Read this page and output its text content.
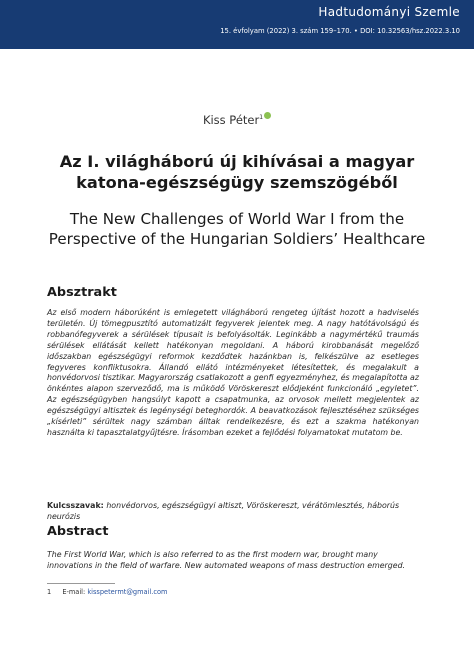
Hadtudományi Szemle
15. évfolyam (2022) 3. szám 159–170. • DOI: 10.32563/hsz.2022.3.10
Kiss Péter$^1$
Az I. világháború új kihívásai a magyar katona-egészségügy szemszögéből
The New Challenges of World War I from the Perspective of the Hungarian Soldiers’ Healthcare
Absztrakt

Az első modern háborúként is emlegetett világháború rengeteg újítást hozott a hadviselés területén. Új tömegpusztító automatizált fegyverek jelentek meg. A nagy hatótávolságú és robbanófegyverek a sérülések típusait is befolyásolták. Leginkább a nagymértékű traumás sérülések ellátását kellett hatékonyan megoldani. A háború kirobbanását megelőző időszakban egészségügyi reformok kezdődtek hazánkban is, felkészülve az esetleges fegyveres konfliktusokra. Állandó ellátó intézményeket létesítettek, és megalakult a honvédorvosi tisztikar. Magyarország csatlakozott a genfi egyezményhez, és megalapította az önkéntes alapon szerveződő, ma is működő Vöröskereszt elődjeként funkcionáló „egyletet”. Az egészségügyben hangsúlyt kapott a csapatmunka, az orvosok mellett megjelentek az egészségügyi altisztek és legénységi beteghordók. A beavatkozások fejlesztéséhez szükséges „kísérleti” sérültek nagy számban álltak rendelkezésre, és ezt a szakma hatékonyan használta ki tapasztalatgyűjtésre. Írásomban ezeket a fejlődési folyamatokat mutatom be.

Kulcsszavak: honvédorvos, egészségügyi altiszt, Vöröskereszt, vérátömlesztés, háborús neurózis

Abstract

The First World War, which is also referred to as the first modern war, brought many innovations in the field of warfare. New automated weapons of mass destruction emerged.

1 E-mail: kisspetermt@gmail.com
